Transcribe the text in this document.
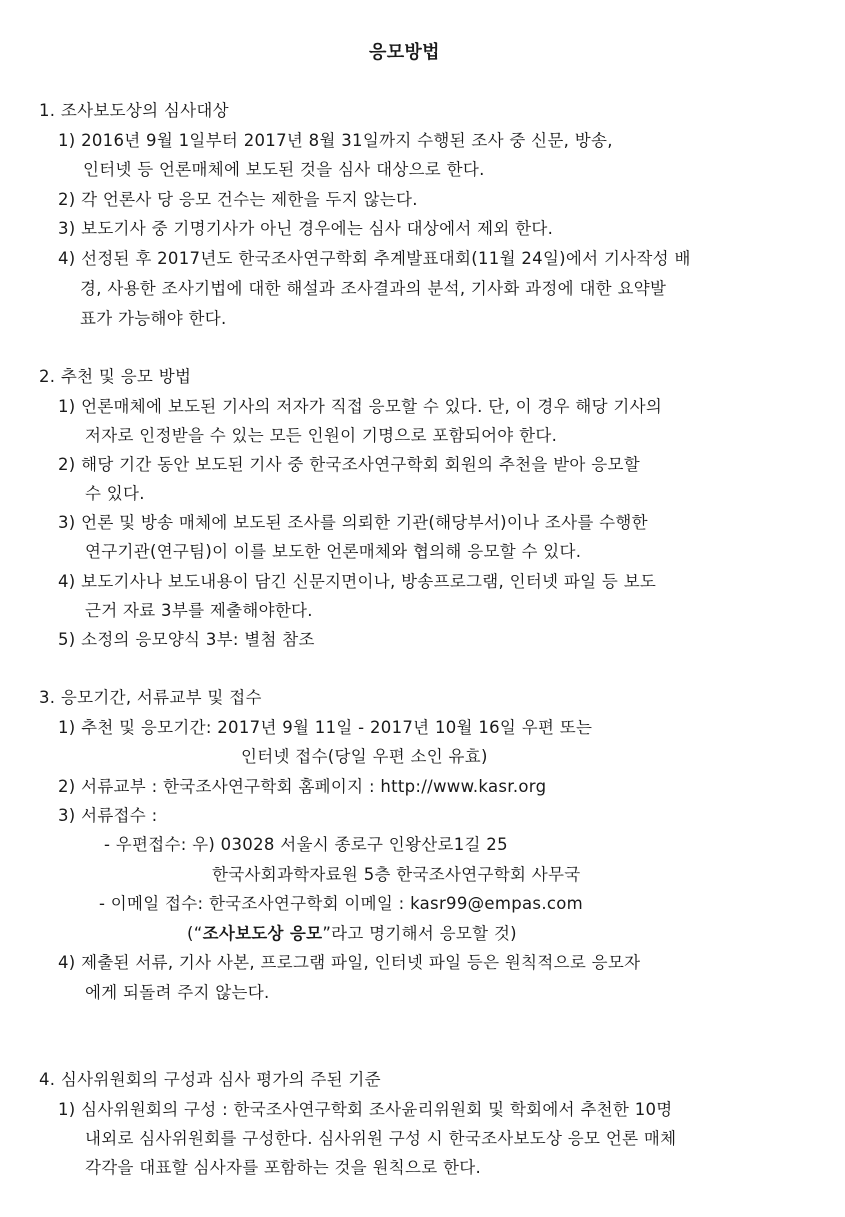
응모방법
1. 조사보도상의 심사대상
1) 2016년 9월 1일부터 2017년 8월 31일까지 수행된 조사 중 신문, 방송,
인터넷 등 언론매체에 보도된 것을 심사 대상으로 한다.
2) 각 언론사 당 응모 건수는 제한을 두지 않는다.
3) 보도기사 중 기명기사가 아닌 경우에는 심사 대상에서 제외 한다.
4) 선정된 후 2017년도 한국조사연구학회 추계발표대회(11월 24일)에서 기사작성 배
경, 사용한 조사기법에 대한 해설과 조사결과의 분석, 기사화 과정에 대한 요약발
표가 가능해야 한다.
2. 추천 및 응모 방법
1) 언론매체에 보도된 기사의 저자가 직접 응모할 수 있다. 단, 이 경우 해당 기사의
저자로 인정받을 수 있는 모든 인원이 기명으로 포함되어야 한다.
2) 해당 기간 동안 보도된 기사 중 한국조사연구학회 회원의 추천을 받아 응모할
수 있다.
3) 언론 및 방송 매체에 보도된 조사를 의뢰한 기관(해당부서)이나 조사를 수행한
연구기관(연구팀)이 이를 보도한 언론매체와 협의해 응모할 수 있다.
4) 보도기사나 보도내용이 담긴 신문지면이나, 방송프로그램, 인터넷 파일 등 보도
근거 자료 3부를 제출해야한다.
5) 소정의 응모양식 3부: 별첨 참조
3. 응모기간, 서류교부 및 접수
1) 추천 및 응모기간: 2017년 9월 11일 - 2017년 10월 16일 우편 또는
인터넷 접수(당일 우편 소인 유효)
2) 서류교부 : 한국조사연구학회 홈페이지 : http://www.kasr.org
3) 서류접수 :
- 우편접수: 우) 03028 서울시 종로구 인왕산로1길 25
한국사회과학자료원 5층 한국조사연구학회 사무국
- 이메일 접수: 한국조사연구학회 이메일 : kasr99@empas.com
(“조사보도상 응모”라고 명기해서 응모할 것)
4) 제출된 서류, 기사 사본, 프로그램 파일, 인터넷 파일 등은 원칙적으로 응모자
에게 되돌려 주지 않는다.
4. 심사위원회의 구성과 심사 평가의 주된 기준
1) 심사위원회의 구성 : 한국조사연구학회 조사윤리위원회 및 학회에서 추천한 10명
내외로 심사위원회를 구성한다. 심사위원 구성 시 한국조사보도상 응모 언론 매체
각각을 대표할 심사자를 포함하는 것을 원칙으로 한다.
